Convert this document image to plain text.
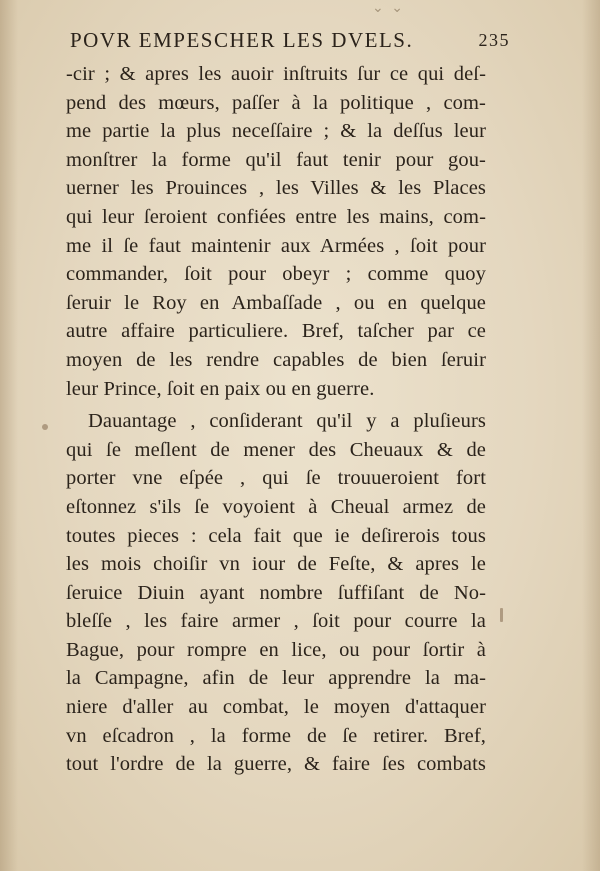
⌄ ⌄
POVR EMPESCHER LES DVELS.	235
-cir ; & apres les auoir inſtruits ſur ce qui deſ-
pend des mœurs, paſſer à la politique , com-
me partie la plus neceſſaire ; & la deſſus leur
monſtrer la forme qu'il faut tenir pour gou-
uerner les Prouinces , les Villes & les Places
qui leur ſeroient confiées entre les mains, com-
me il ſe faut maintenir aux Armées , ſoit pour
commander, ſoit pour obeyr ; comme quoy
ſeruir le Roy en Ambaſſade , ou en quelque
autre affaire particuliere. Bref, taſcher par ce
moyen de les rendre capables de bien ſeruir
leur Prince, ſoit en paix ou en guerre.
Dauantage , conſiderant qu'il y a pluſieurs
qui ſe meſlent de mener des Cheuaux & de
porter vne eſpée , qui ſe trouueroient fort
eſtonnez s'ils ſe voyoient à Cheual armez de
toutes pieces : cela fait que ie deſirerois tous
les mois choiſir vn iour de Feſte, & apres le
ſeruice Diuin ayant nombre ſuffiſant de No-
bleſſe , les faire armer , ſoit pour courre la
Bague, pour rompre en lice, ou pour ſortir à
la Campagne, afin de leur apprendre la ma-
niere d'aller au combat, le moyen d'attaquer
vn eſcadron , la forme de ſe retirer. Bref,
tout l'ordre de la guerre, & faire ſes combats
